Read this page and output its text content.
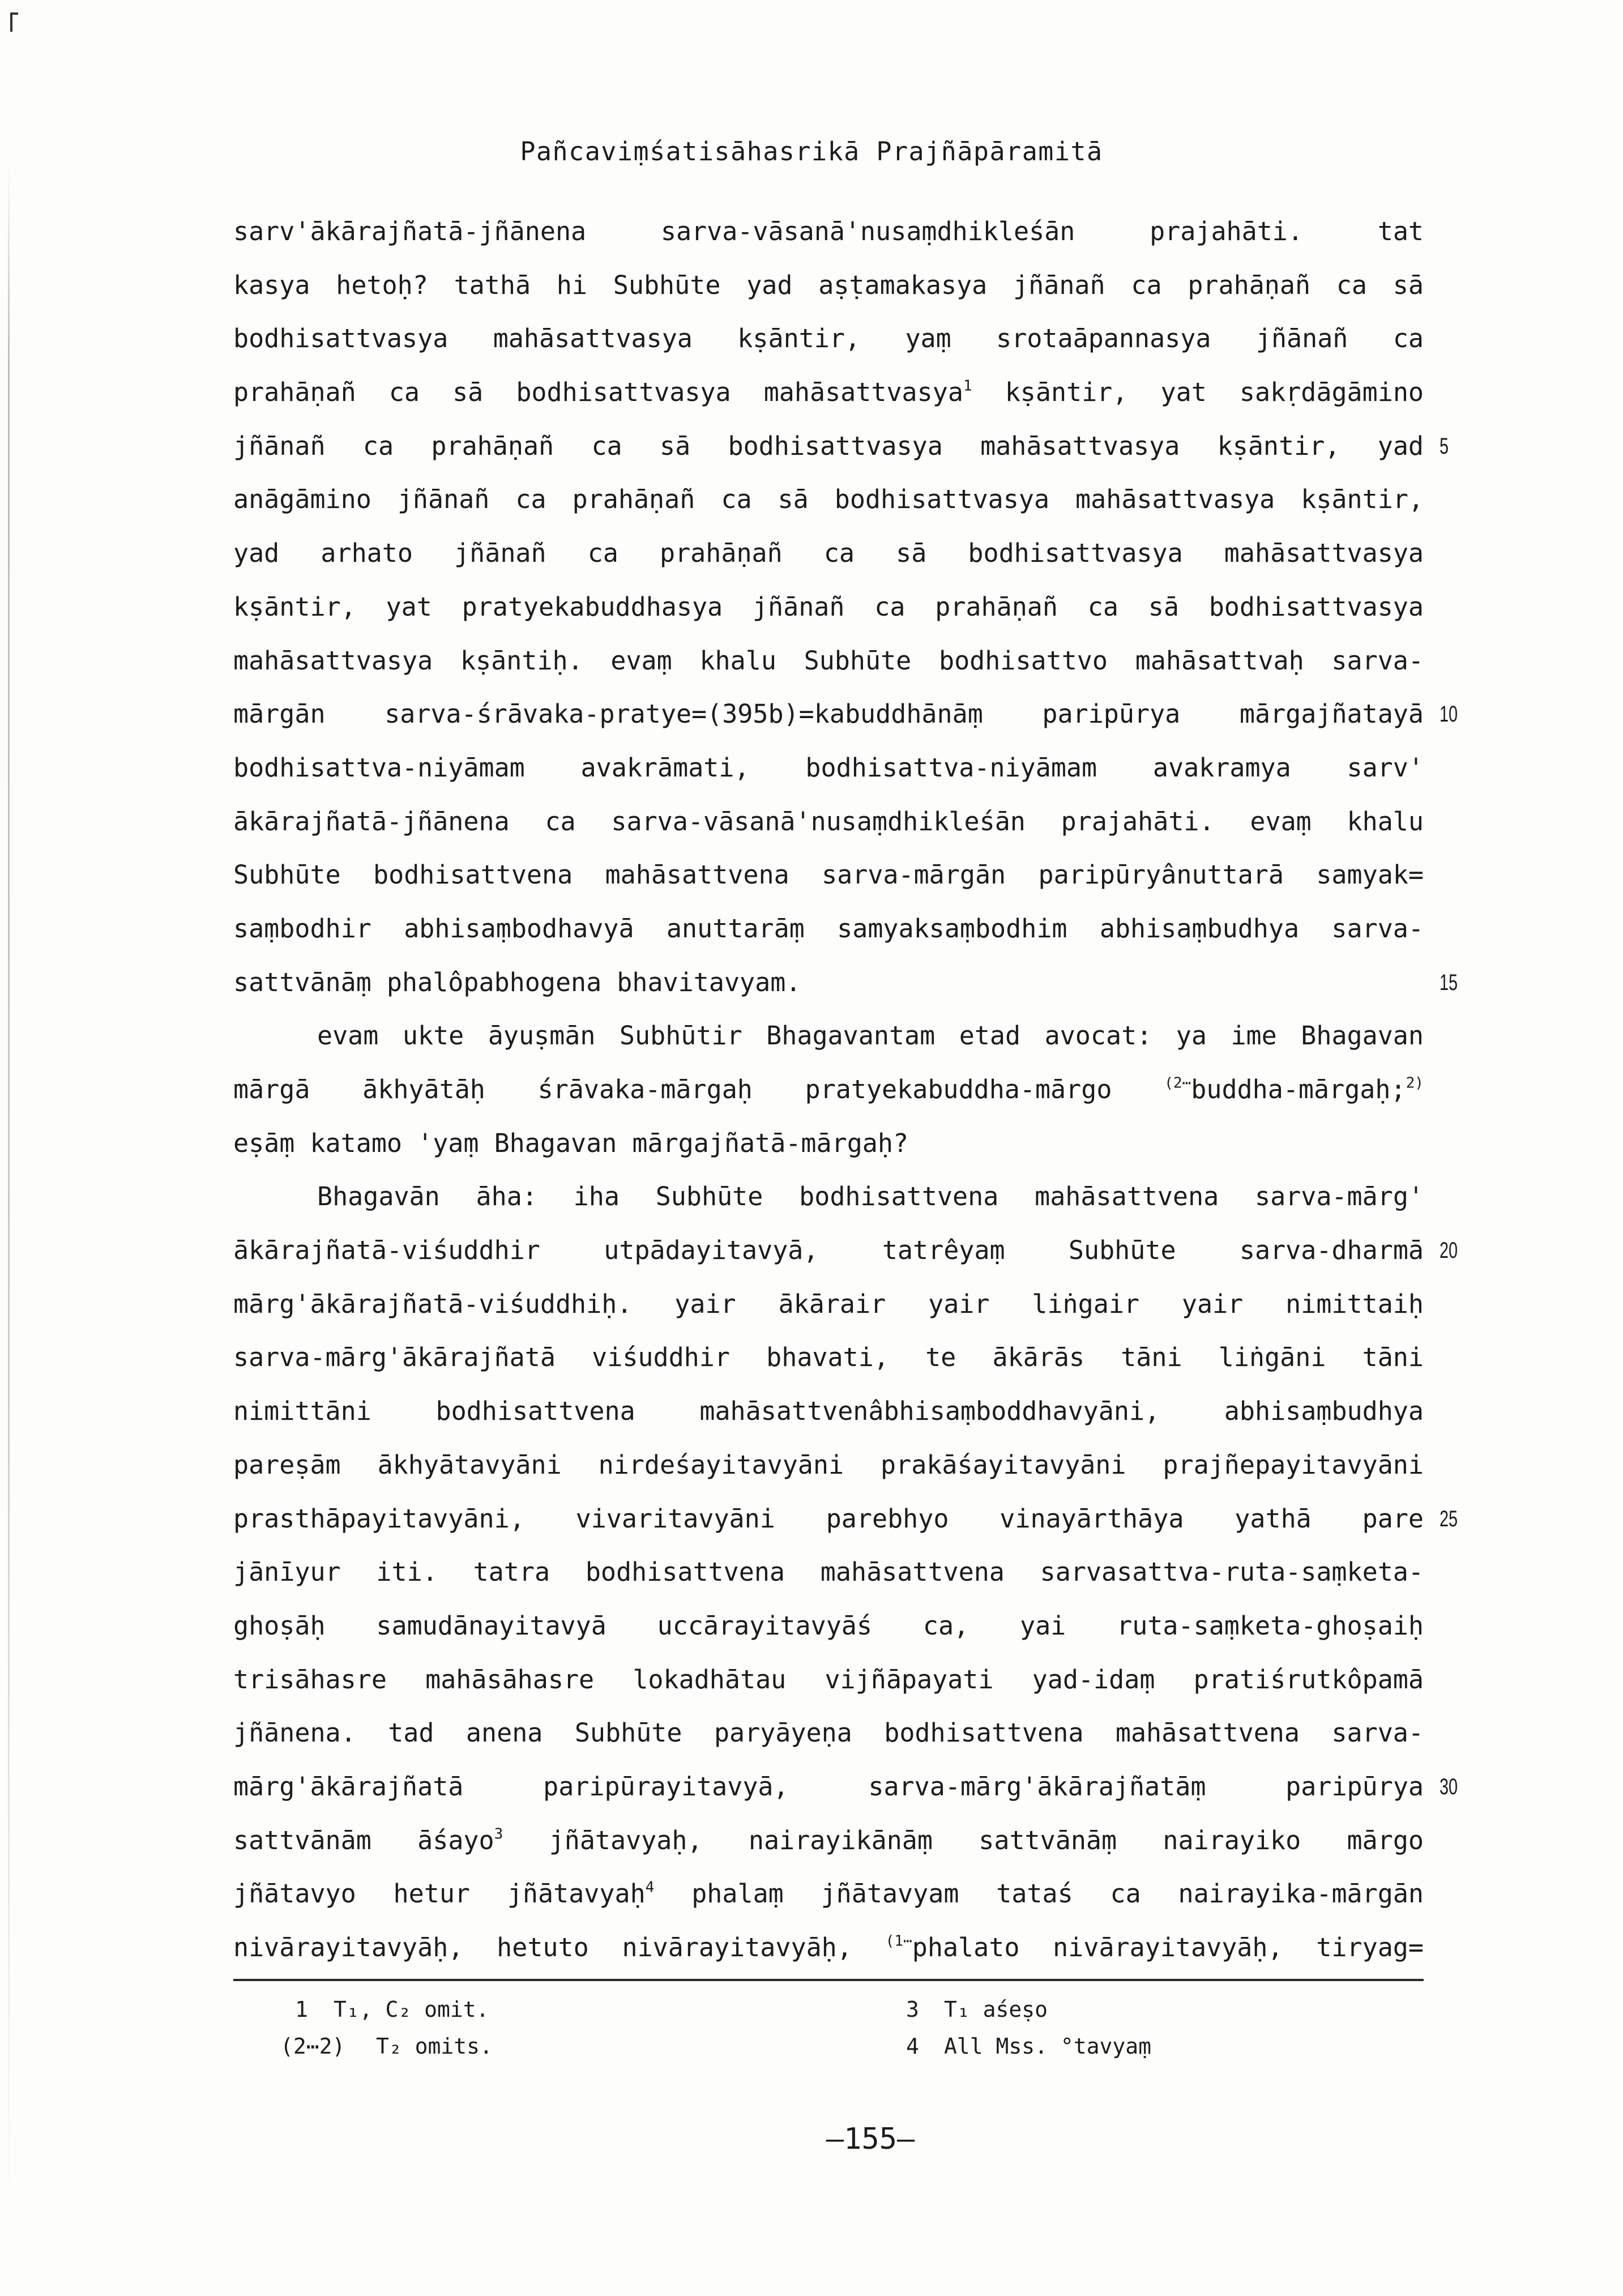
Pañcaviṃśatisāhasrikā Prajñāpāramitā
sarv'ākārajñatā-jñānena sarva-vāsanā'nusaṃdhikleśān prajahāti. tat
kasya hetoḥ? tathā hi Subhūte yad aṣṭamakasya jñānañ ca prahāṇañ ca sā
bodhisattvasya mahāsattvasya kṣāntir, yaṃ srotaāpannasya jñānañ ca
prahāṇañ ca sā bodhisattvasya mahāsattvasya$^1$ kṣāntir, yat sakṛdāgāmino
jñānañ ca prahāṇañ ca sā bodhisattvasya mahāsattvasya kṣāntir, yad 5
anāgāmino jñānañ ca prahāṇañ ca sā bodhisattvasya mahāsattvasya kṣāntir,
yad arhato jñānañ ca prahāṇañ ca sā bodhisattvasya mahāsattvasya
kṣāntir, yat pratyekabuddhasya jñānañ ca prahāṇañ ca sā bodhisattvasya
mahāsattvasya kṣāntiḥ. evaṃ khalu Subhūte bodhisattvo mahāsattvaḥ sarva-
mārgān sarva-śrāvaka-pratye=(395b)=kabuddhānāṃ paripūrya mārgajñatayā 10
bodhisattva-niyāmam avakrāmati, bodhisattva-niyāmam avakramya sarv'
ākārajñatā-jñānena ca sarva-vāsanā'nusaṃdhikleśān prajahāti. evaṃ khalu
Subhūte bodhisattvena mahāsattvena sarva-mārgān paripūryânuttarā samyak=
saṃbodhir abhisaṃbodhavyā anuttarāṃ samyaksaṃbodhim abhisaṃbudhya sarva-
sattvānāṃ phalôpabhogena bhavitavyam.	15
evam ukte āyuṣmān Subhūtir Bhagavantam etad avocat: ya ime Bhagavan
mārgā ākhyātāḥ śrāvaka-mārgaḥ pratyekabuddha-mārgo $^{(2\cdots}$buddha-mārgaḥ;$^{2)}$
eṣāṃ katamo 'yaṃ Bhagavan mārgajñatā-mārgaḥ?
Bhagavān āha: iha Subhūte bodhisattvena mahāsattvena sarva-mārg'
ākārajñatā-viśuddhir utpādayitavyā, tatrêyaṃ Subhūte sarva-dharmā 20
mārg'ākārajñatā-viśuddhiḥ. yair ākārair yair liṅgair yair nimittaiḥ
sarva-mārg'ākārajñatā viśuddhir bhavati, te ākārās tāni liṅgāni tāni
nimittāni bodhisattvena mahāsattvenâbhisaṃboddhavyāni, abhisaṃbudhya
pareṣām ākhyātavyāni nirdeśayitavyāni prakāśayitavyāni prajñepayitavyāni
prasthāpayitavyāni, vivaritavyāni parebhyo vinayārthāya yathā pare 25
jānīyur iti. tatra bodhisattvena mahāsattvena sarvasattva-ruta-saṃketa-
ghoṣāḥ samudānayitavyā uccārayitavyāś ca, yai ruta-saṃketa-ghoṣaiḥ
trisāhasre mahāsāhasre lokadhātau vijñāpayati yad-idaṃ pratiśrutkôpamā
jñānena. tad anena Subhūte paryāyeṇa bodhisattvena mahāsattvena sarva-
mārg'ākārajñatā paripūrayitavyā, sarva-mārg'ākārajñatāṃ paripūrya 30
sattvānām āśayo$^3$ jñātavyaḥ, nairayikānāṃ sattvānāṃ nairayiko mārgo
jñātavyo hetur jñātavyaḥ$^4$ phalaṃ jñātavyam tataś ca nairayika-mārgān
nivārayitavyāḥ, hetuto nivārayitavyāḥ, $^{(1\cdots}$phalato nivārayitavyāḥ, tiryag=
1 T₁, C₂ omit.
(2⋯2) T₂ omits.
3 T₁ aśeṣo
4 All Mss. °tavyaṃ
—155—
